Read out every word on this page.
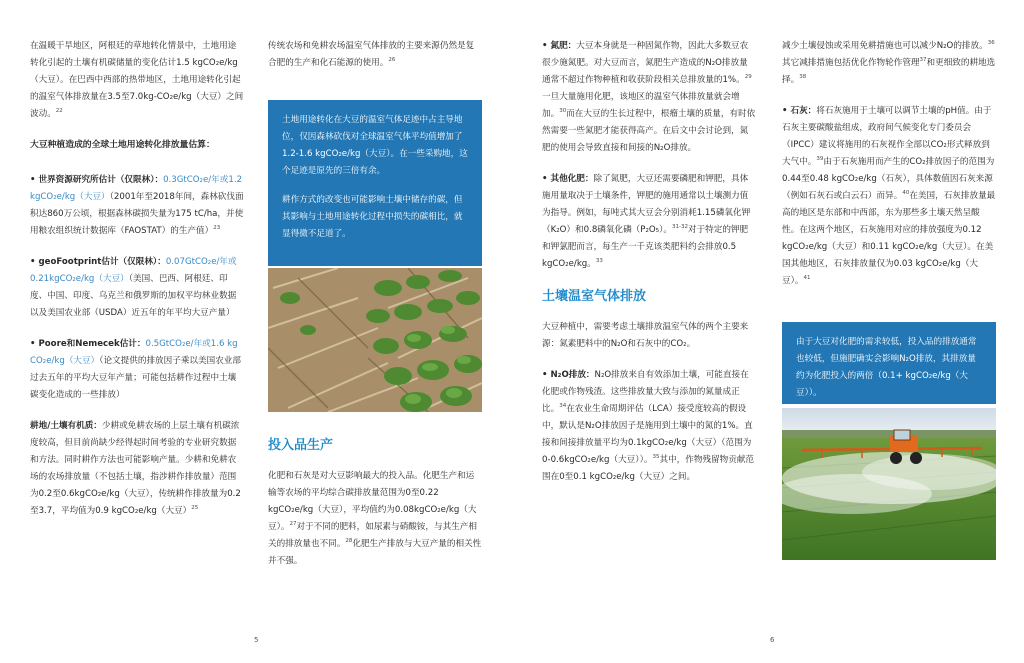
在温暖干旱地区，阿根廷的草地转化情景中，土地用途转化引起的土壤有机碳储量的变化估计1.5 kgCO₂e/kg（大豆）。在巴西中西部的热带地区，土地用途转化引起的温室气体排放量在3.5至7.0kg-CO₂e/kg（大豆）之间波动。$^{22}$

大豆种植造成的全球土地用途转化排放量估算：

• 世界资源研究所估计（仅限林）：0.3GtCO₂e/年或1.2 kgCO₂e/kg（大豆）（2001年至2018年间，森林砍伐面积达860万公顷，根据森林碳损失量为175 tC/ha，并使用粮农组织统计数据库（FAOSTAT）的生产值）$^{23}$

• geoFootprint估计（仅限林）：0.07GtCO₂e/年或0.21kgCO₂e/kg（大豆）（美国、巴西、阿根廷、印度、中国、印度、乌克兰和俄罗斯的加权平均林业数据以及美国农业部（USDA）近五年的年平均大豆产量）

• Poore和Nemecek估计：0.5GtCO₂e/年或1.6 kg CO₂e/kg（大豆）（论文提供的排放因子乘以美国农业部过去五年的平均大豆年产量；可能包括耕作过程中土壤碳变化造成的一些排放）

耕地/土壤有机质：少耕或免耕农场的上层土壤有机碳浓度较高，但目前尚缺少经得起时间考验的专业研究数据和方法。同时耕作方法也可能影响产量。少耕和免耕农场的农场排放量（不包括土壤，指涉耕作排放量）范围为0.2至0.6kgCO₂e/kg（大豆），传统耕作排放量为0.2至3.7，平均值为0.9 kgCO₂e/kg（大豆）$^{25}$

传统农场和免耕农场温室气体排放的主要来源仍然是复合肥的生产和化石能源的使用。$^{26}$

土地用途转化在大豆的温室气体足迹中占主导地位，仅因森林砍伐对全球温室气体平均值增加了1.2-1.6 kgCO₂e/kg（大豆）。在一些采购地，这个足迹是原先的三倍有余。

耕作方式的改变也可能影响土壤中储存的碳，但其影响与土地用途转化过程中损失的碳相比，就显得微不足道了。

投入品生产

化肥和石灰是对大豆影响最大的投入品。化肥生产和运输等农场的平均综合碳排放量范围为0至0.22 kgCO₂e/kg（大豆），平均值约为0.08kgCO₂e/kg（大豆）。$^{27}$对于不同的肥料，如尿素与硝酸铵，与其生产相关的排放量也不同。$^{28}$化肥生产排放与大豆产量的相关性并不强。

5

• 氮肥：大豆本身就是一种固氮作物，因此大多数豆农很少施氮肥。对大豆而言，氮肥生产造成的N₂O排放量通常不超过作物种植和收获阶段相关总排放量的1%。$^{29}$一旦大量施用化肥，该地区的温室气体排放量就会增加。$^{30}$而在大豆的生长过程中，根瘤土壤的质量，有时依然需要一些氮肥才能获得高产。在后文中会讨论到，氮肥的使用会导致直接和间接的N₂O排放。

• 其他化肥：除了氮肥，大豆还需要磷肥和钾肥，具体施用量取决于土壤条件，钾肥的施用通常以土壤测力值为指导。例如，每吨式其大豆会分别消耗1.15磷氧化钾（K₂O）和0.8磷氧化磷（P₂O₅）。$^{31-32}$对于特定的钾肥和钾氯肥而言，每生产一千克该类肥料约会排放0.5 kgCO₂e/kg。$^{33}$

土壤温室气体排放

大豆种植中，需要考虑土壤排放温室气体的两个主要来源：氮素肥料中的N₂O和石灰中的CO₂。

• N₂O排放：N₂O排放来自有效添加土壤，可能直接在化肥或作物残渣。这些排放量大致与添加的氮量成正比。$^{34}$在农业生命周期评估（LCA）接受度较高的假设中，默认是N₂O排放因子是施用到土壤中的氮的1%。直接和间接排放量平均为0.1kgCO₂e/kg（大豆）（范围为0-0.6kgCO₂e/kg（大豆））。$^{35}$其中，作物残留物贡献范围在0至0.1 kgCO₂e/kg（大豆）之间。

减少土壤侵蚀或采用免耕措施也可以减少N₂O的排放。$^{36}$其它减排措施包括优化作物轮作管理$^{37}$和更细致的耕地选择。$^{38}$

• 石灰：将石灰施用于土壤可以调节土壤的pH值。由于石灰主要碳酸盐组成，政府间气候变化专门委员会（IPCC）建议将施用的石灰视作全部以CO₂形式释放到大气中。$^{39}$由于石灰施用而产生的CO₂排放因子的范围为0.44至0.48 kgCO₂e/kg（石灰），具体数值因石灰来源（例如石灰石或白云石）而异。$^{40}$在美国，石灰排放量最高的地区是东部和中西部，东为那些多土壤天然呈酸性。在这两个地区，石灰施用对应的排放强度为0.12 kgCO₂e/kg（大豆）和0.11 kgCO₂e/kg（大豆）。在美国其他地区，石灰排放量仅为0.03 kgCO₂e/kg（大豆）。$^{41}$

由于大豆对化肥的需求较低，投入品的排放通常也较低，但施肥确实会影响N₂O排放，其排放量约为化肥投入的两倍（0.1+ kgCO₂e/kg（大豆））。

6
